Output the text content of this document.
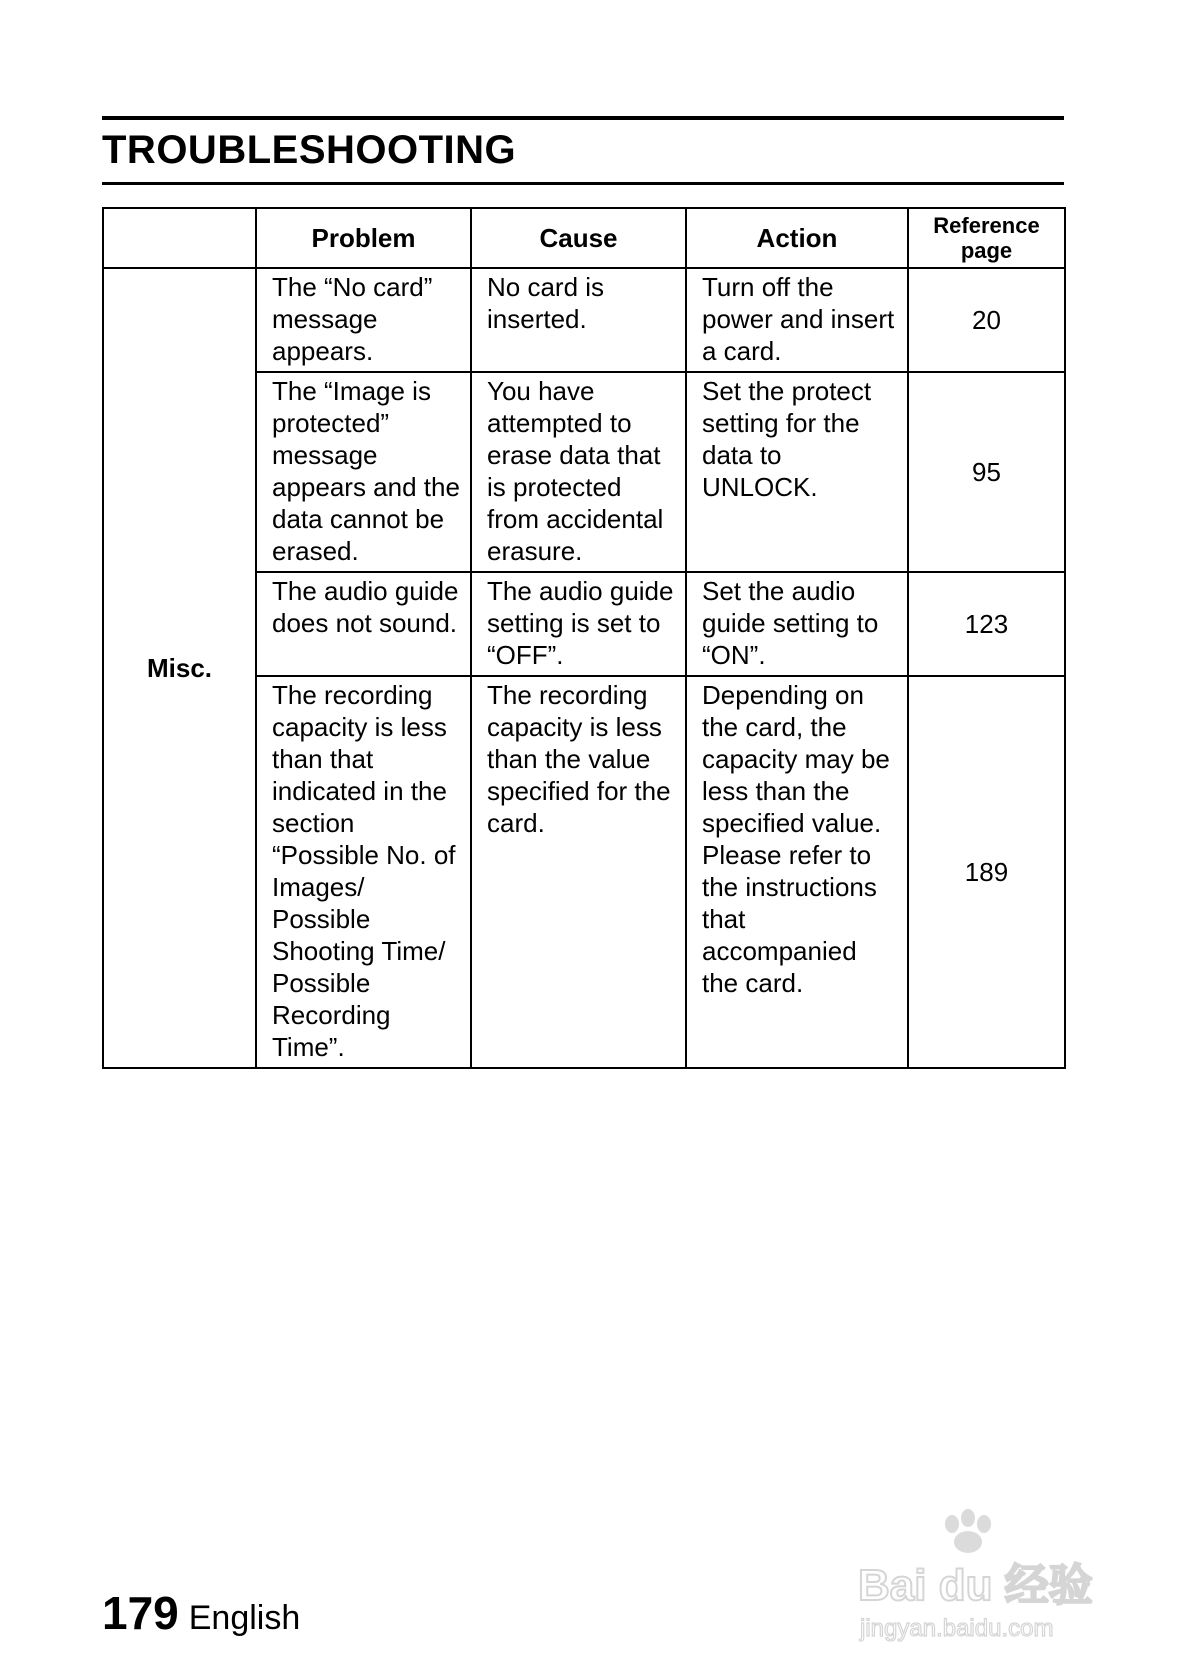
TROUBLESHOOTING
	Problem	Cause	Action	Reference
page
Misc.	The “No card” message appears.	No card is inserted.	Turn off the power and insert a card.	20
	The “Image is protected” message appears and the data cannot be erased.	You have attempted to erase data that is protected from accidental erasure.	Set the protect setting for the data to UNLOCK.	95
	The audio guide does not sound.	The audio guide setting is set to “OFF”.	Set the audio guide setting to “ON”.	123
	The recording capacity is less than that indicated in the section “Possible No. of Images/ Possible Shooting Time/ Possible Recording Time”.	The recording capacity is less than the value specified for the card.	Depending on the card, the capacity may be less than the specified value. Please refer to the instructions that accompanied the card.	189

179 English

Bai du 经验
jingyan.baidu.com
